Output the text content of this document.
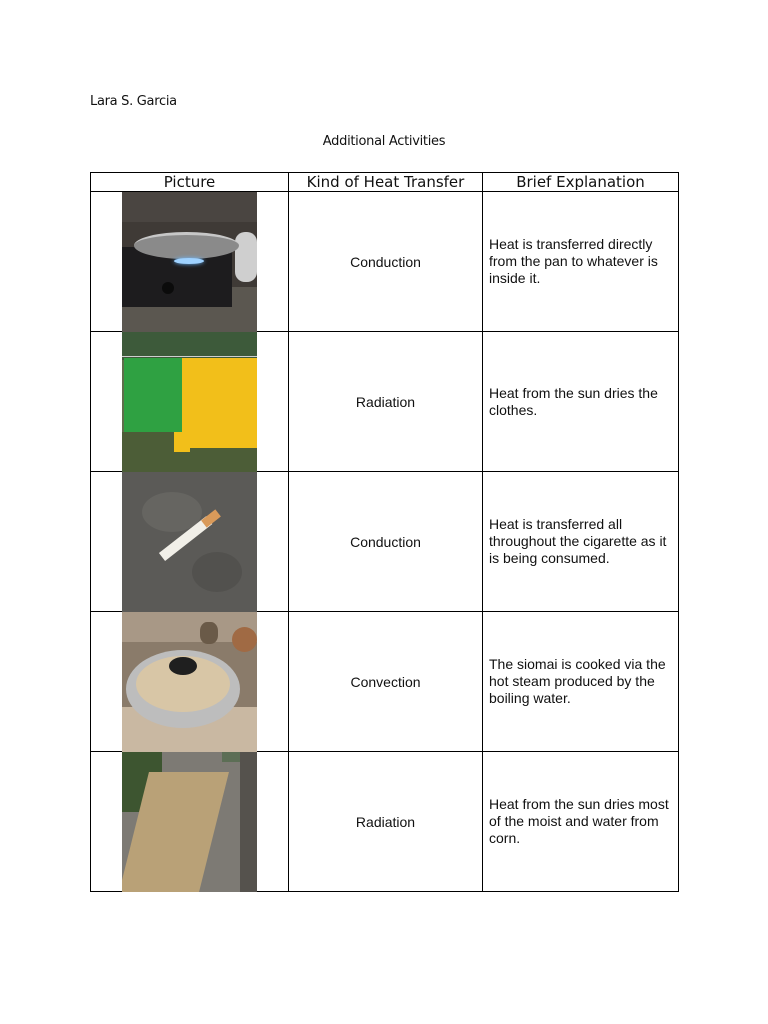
Lara S. Garcia
Additional Activities
Picture	Kind of Heat Transfer	Brief Explanation

	Conduction	Heat is transferred directly from the pan to whatever is inside it.

	Radiation	Heat from the sun dries the clothes.

	Conduction	Heat is transferred all throughout the cigarette as it is being consumed.

	Convection	The siomai is cooked via the hot steam produced by the boiling water.

	Radiation	Heat from the sun dries most of the moist and water from corn.
